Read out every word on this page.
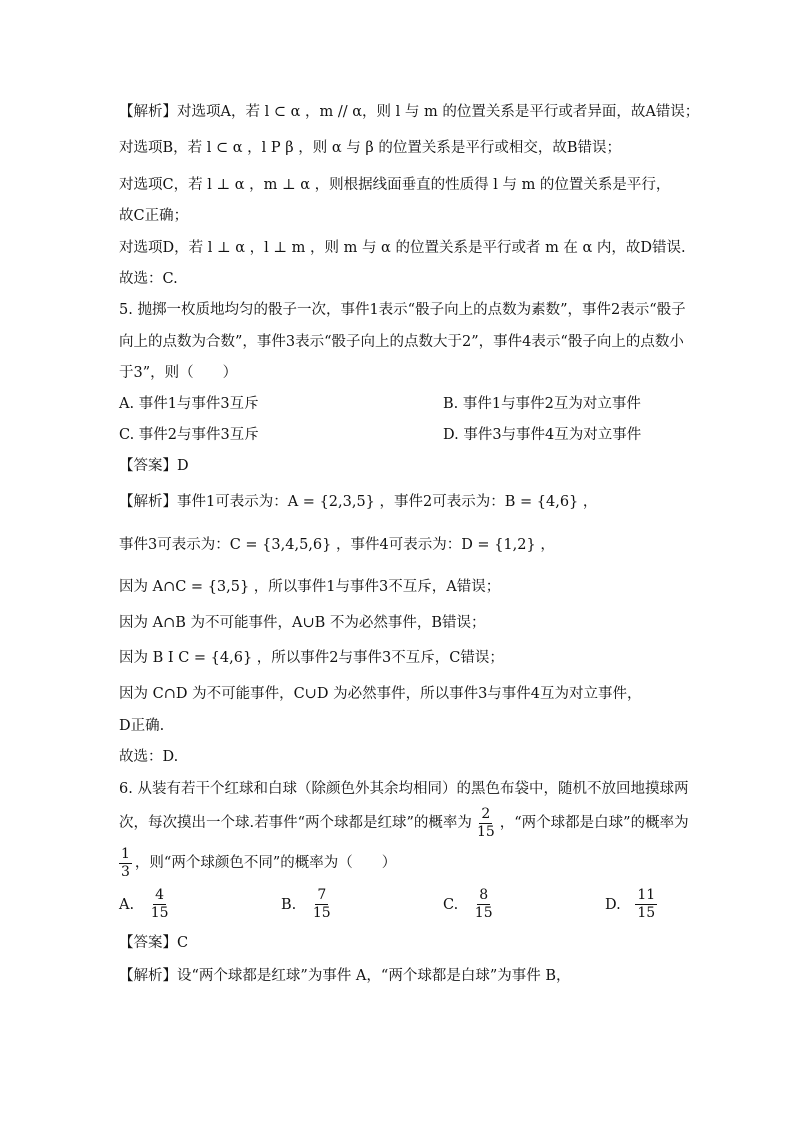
【解析】对选项A，若 l ⊂ α ，m // α，则 l 与 m 的位置关系是平行或者异面，故A错误；
对选项B，若 l ⊂ α ，l P β ，则 α 与 β 的位置关系是平行或相交，故B错误；
对选项C，若 l ⊥ α ，m ⊥ α ，则根据线面垂直的性质得 l 与 m 的位置关系是平行，
故C正确；
对选项D，若 l ⊥ α ，l ⊥ m ，则 m 与 α 的位置关系是平行或者 m 在 α 内，故D错误.
故选：C.
5. 抛掷一枚质地均匀的骰子一次，事件1表示“骰子向上的点数为素数”，事件2表示“骰子
向上的点数为合数”，事件3表示“骰子向上的点数大于2”，事件4表示“骰子向上的点数小
于3”，则（　　）
A. 事件1与事件3互斥	B. 事件1与事件2互为对立事件
C. 事件2与事件3互斥	D. 事件3与事件4互为对立事件
【答案】D
【解析】事件1可表示为：A = {2,3,5} ，事件2可表示为：B = {4,6} ，
事件3可表示为：C = {3,4,5,6} ，事件4可表示为：D = {1,2} ，
因为 A∩C = {3,5} ，所以事件1与事件3不互斥，A错误；
因为 A∩B 为不可能事件，A∪B 不为必然事件，B错误；
因为 B I C = {4,6} ，所以事件2与事件3不互斥，C错误；
因为 C∩D 为不可能事件，C∪D 为必然事件，所以事件3与事件4互为对立事件，
D正确.
故选：D.
6. 从装有若干个红球和白球（除颜色外其余均相同）的黑色布袋中，随机不放回地摸球两
次，每次摸出一个球.若事件“两个球都是红球”的概率为 $\frac{2}{15}$ ，“两个球都是白球”的概率为
$\frac{1}{3}$ ，则“两个球颜色不同”的概率为（　　）
A. $\frac{4}{15}$	B. $\frac{7}{15}$	C. $\frac{8}{15}$	D. $\frac{11}{15}$
【答案】C
【解析】设“两个球都是红球”为事件 A，“两个球都是白球”为事件 B，
